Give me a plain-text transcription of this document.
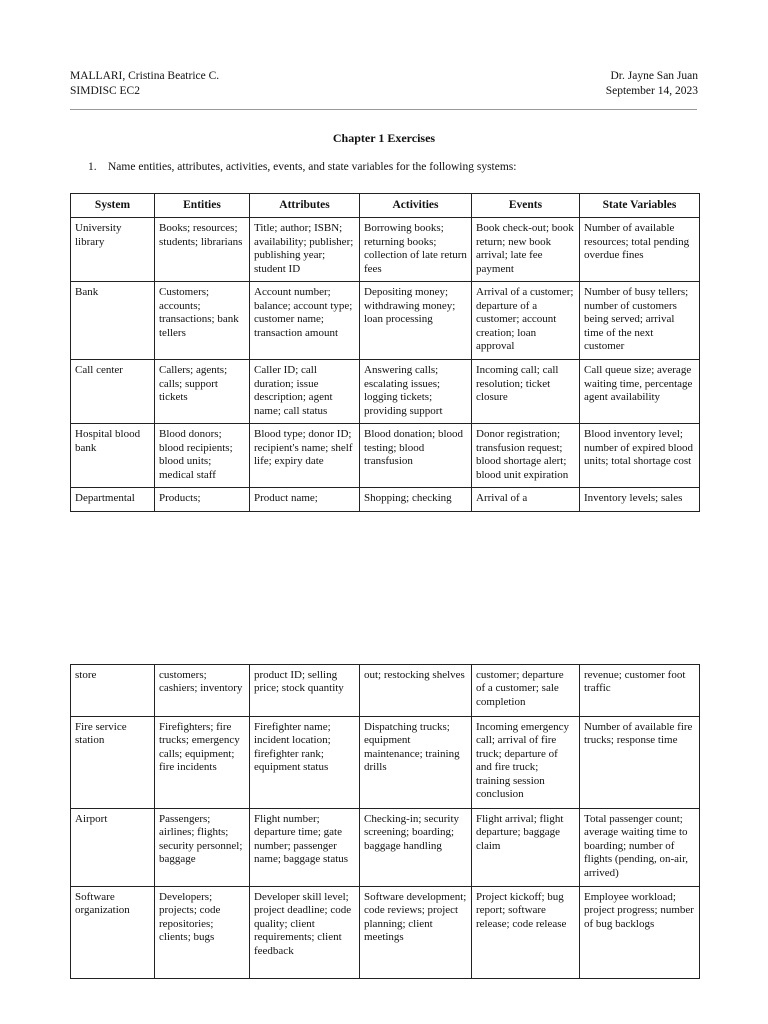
MALLARI, Cristina Beatrice C.
SIMDISC EC2
Dr. Jayne San Juan
September 14, 2023
Chapter 1 Exercises
1. Name entities, attributes, activities, events, and state variables for the following systems:
System	Entities	Attributes	Activities	Events	State Variables
University library	Books; resources; students; librarians	Title; author; ISBN; availability; publisher; publishing year; student ID	Borrowing books; returning books; collection of late return fees	Book check-out; book return; new book arrival; late fee payment	Number of available resources; total pending overdue fines
Bank	Customers; accounts; transactions; bank tellers	Account number; balance; account type; customer name; transaction amount	Depositing money; withdrawing money; loan processing	Arrival of a customer; departure of a customer; account creation; loan approval	Number of busy tellers; number of customers being served; arrival time of the next customer
Call center	Callers; agents; calls; support tickets	Caller ID; call duration; issue description; agent name; call status	Answering calls; escalating issues; logging tickets; providing support	Incoming call; call resolution; ticket closure	Call queue size; average waiting time, percentage agent availability
Hospital blood bank	Blood donors; blood recipients; blood units; medical staff	Blood type; donor ID; recipient's name; shelf life; expiry date	Blood donation; blood testing; blood transfusion	Donor registration; transfusion request; blood shortage alert; blood unit expiration	Blood inventory level; number of expired blood units; total shortage cost
Departmental	Products;	Product name;	Shopping; checking	Arrival of a	Inventory levels; sales
store	customers; cashiers; inventory	product ID; selling price; stock quantity	out; restocking shelves	customer; departure of a customer; sale completion	revenue; customer foot traffic
Fire service station	Firefighters; fire trucks; emergency calls; equipment; fire incidents	Firefighter name; incident location; firefighter rank; equipment status	Dispatching trucks; equipment maintenance; training drills	Incoming emergency call; arrival of fire truck; departure of and fire truck; training session conclusion	Number of available fire trucks; response time
Airport	Passengers; airlines; flights; security personnel; baggage	Flight number; departure time; gate number; passenger name; baggage status	Checking-in; security screening; boarding; baggage handling	Flight arrival; flight departure; baggage claim	Total passenger count; average waiting time to boarding; number of flights (pending, on-air, arrived)
Software organization	Developers; projects; code repositories; clients; bugs	Developer skill level; project deadline; code quality; client requirements; client feedback	Software development; code reviews; project planning; client meetings	Project kickoff; bug report; software release; code release	Employee workload; project progress; number of bug backlogs
